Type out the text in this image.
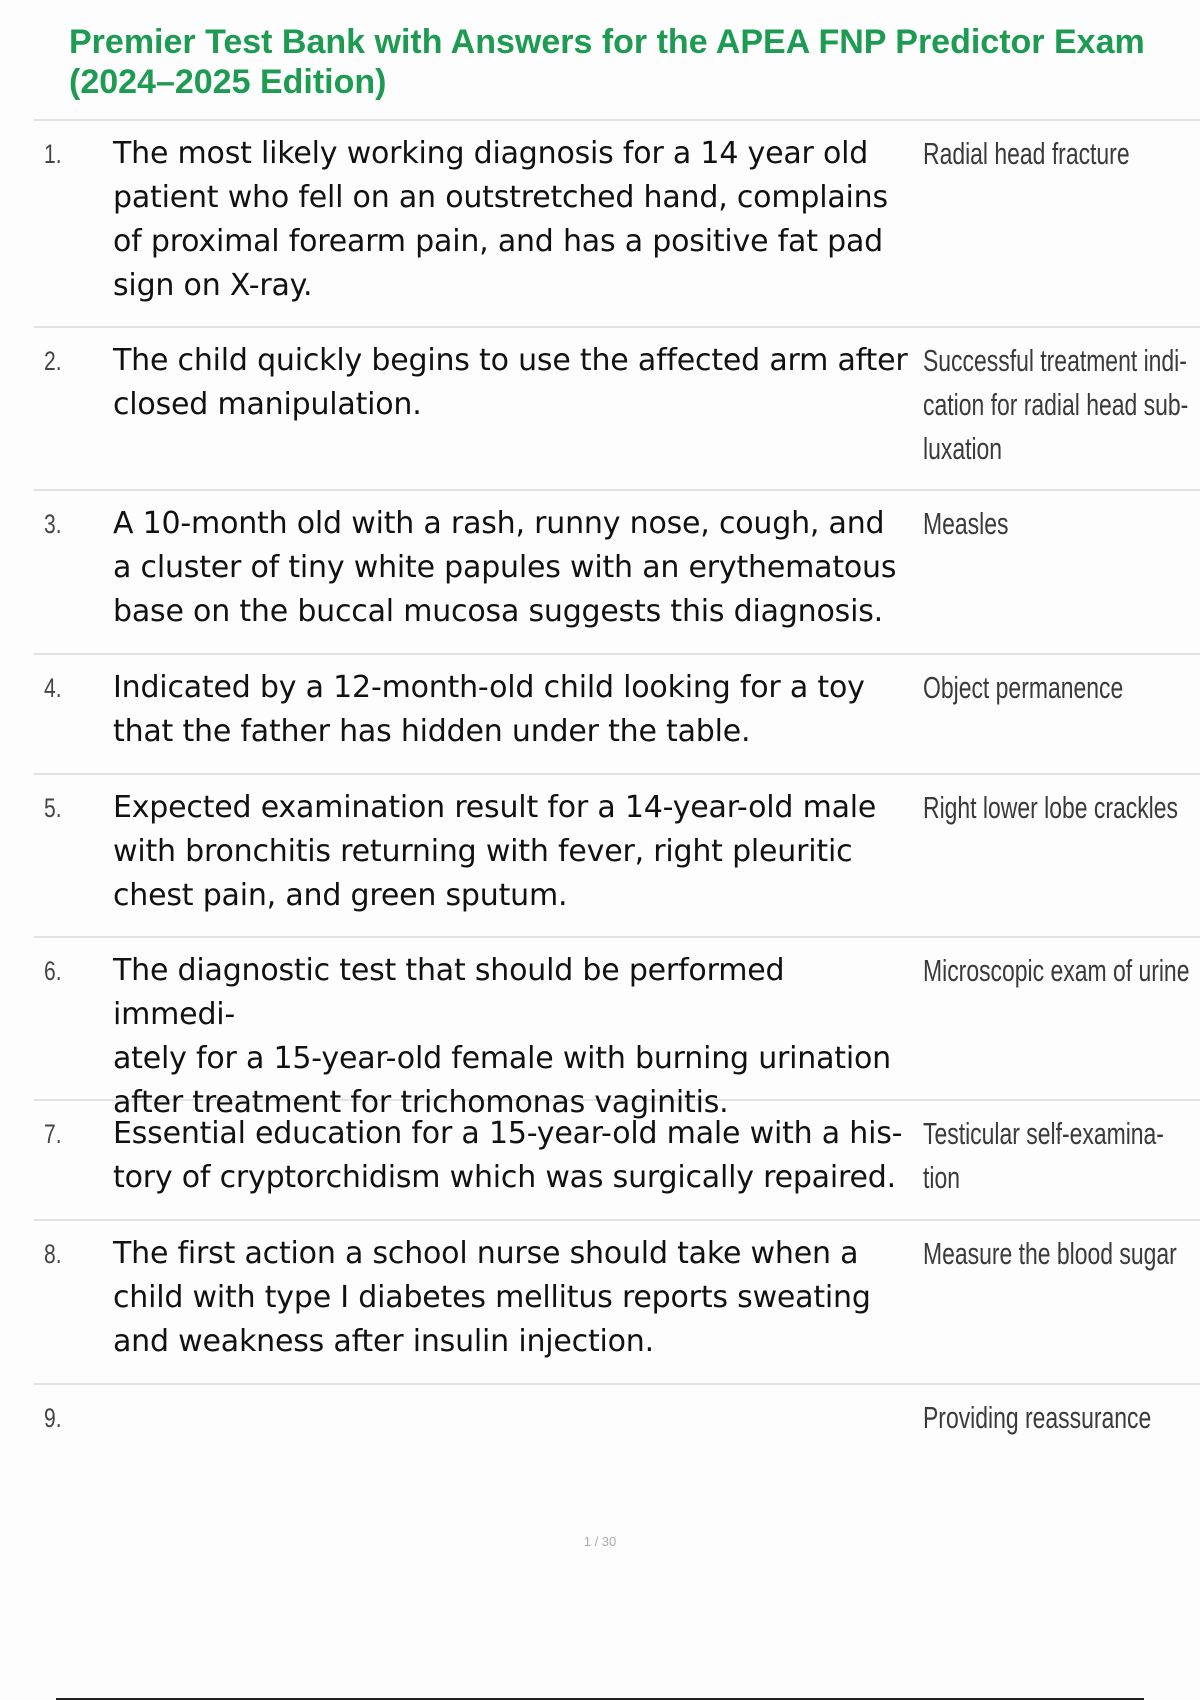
Premier Test Bank with Answers for the APEA FNP Predictor Exam
(2024–2025 Edition)
1. The most likely working diagnosis for a 14 year old
patient who fell on an outstretched hand, complains
of proximal forearm pain, and has a positive fat pad
sign on X-ray.
Radial head fracture
2. The child quickly begins to use the affected arm after
closed manipulation.
Successful treatment indi-
cation for radial head sub-
luxation
3. A 10-month old with a rash, runny nose, cough, and
a cluster of tiny white papules with an erythematous
base on the buccal mucosa suggests this diagnosis.
Measles
4. Indicated by a 12-month-old child looking for a toy
that the father has hidden under the table.
Object permanence
5. Expected examination result for a 14-year-old male
with bronchitis returning with fever, right pleuritic
chest pain, and green sputum.
Right lower lobe crackles
6. The diagnostic test that should be performed immedi-
ately for a 15-year-old female with burning urination
after treatment for trichomonas vaginitis.
Microscopic exam of urine
7. Essential education for a 15-year-old male with a his-
tory of cryptorchidism which was surgically repaired.
Testicular self-examina-
tion
8. The first action a school nurse should take when a
child with type I diabetes mellitus reports sweating
and weakness after insulin injection.
Measure the blood sugar
9.	Providing reassurance
1 / 30
